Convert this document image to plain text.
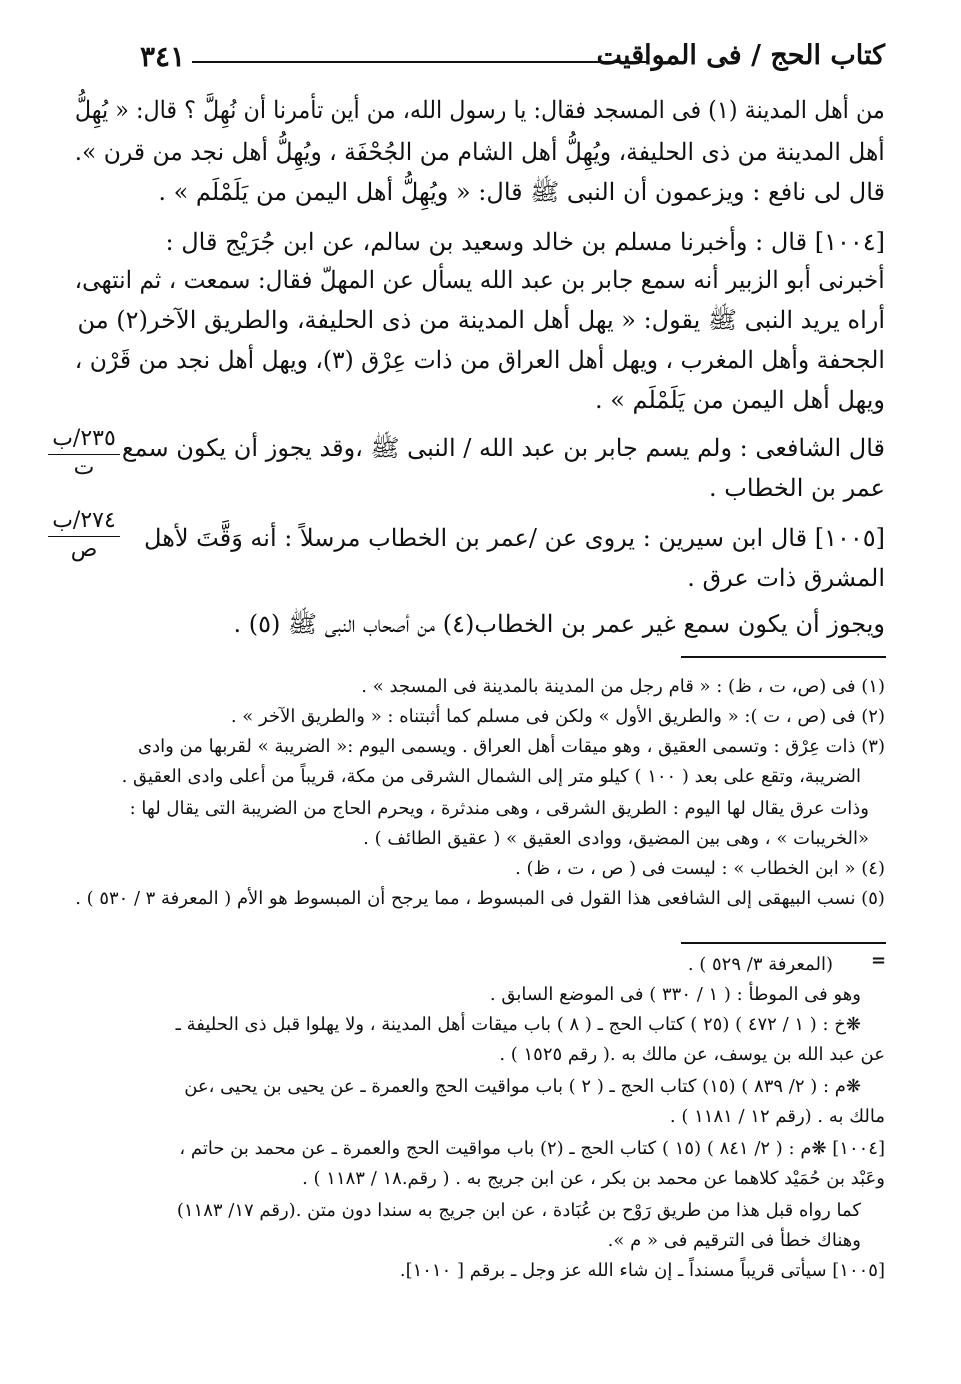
٣٤١	كتاب الحج / فى المواقيت
من أهل المدينة (١) فى المسجد فقال: يا رسول الله، من أين تأمرنا أن نُهِلَّ ؟ قال: « يُهِلُّ
أهل المدينة من ذى الحليفة، ويُهِلُّ أهل الشام من الجُحْفَة ، ويُهِلُّ أهل نجد من قرن ».
قال لى نافع : ويزعمون أن النبى ﷺ قال: « ويُهِلُّ أهل اليمن من يَلَمْلَم » .
[١٠٠٤] قال : وأخبرنا مسلم بن خالد وسعيد بن سالم، عن ابن جُرَيْج قال :
أخبرنى أبو الزبير أنه سمع جابر بن عبد الله يسأل عن المهلّ فقال: سمعت ، ثم انتهى،
أراه يريد النبى ﷺ يقول: « يهل أهل المدينة من ذى الحليفة، والطريق الآخر(٢) من
الجحفة وأهل المغرب ، ويهل أهل العراق من ذات عِرْق (٣)، ويهل أهل نجد من قَرْن ،
ويهل أهل اليمن من يَلَمْلَم » .
قال الشافعى : ولم يسم جابر بن عبد الله / النبى ﷺ ،وقد يجوز أن يكون سمع
عمر بن الخطاب .
[١٠٠٥] قال ابن سيرين : يروى عن /عمر بن الخطاب مرسلاً : أنه وَقَّتَ لأهل
المشرق ذات عرق .
ويجوز أن يكون سمع غير عمر بن الخطاب(٤) من أصحاب النبى ﷺ (٥) .
٢٣٥/ب
ت
٢٧٤/ب
ص
(١) فى (ص، ت ، ظ) : « قام رجل من المدينة بالمدينة فى المسجد » .
(٢) فى (ص ، ت ): « والطريق الأول » ولكن فى مسلم كما أثبتناه : « والطريق الآخر » .
(٣) ذات عِرْق : وتسمى العقيق ، وهو ميقات أهل العراق . ويسمى اليوم :« الضريبة » لقربها من وادى
الضريبة، وتقع على بعد ( ١٠٠ ) كيلو متر إلى الشمال الشرقى من مكة، قريباً من أعلى وادى العقيق .
وذات عرق يقال لها اليوم : الطريق الشرقى ، وهى مندثرة ، ويحرم الحاج من الضريبة التى يقال لها :
«الخريبات » ، وهى بين المضيق، ووادى العقيق » ( عقيق الطائف ) .
(٤) « ابن الخطاب » : ليست فى ( ص ، ت ، ظ) .
(٥) نسب البيهقى إلى الشافعى هذا القول فى المبسوط ، مما يرجح أن المبسوط هو الأم ( المعرفة ٣ / ٥٣٠ ) .
=
(المعرفة ٣/ ٥٢٩ ) .
وهو فى الموطأ : ( ١ / ٣٣٠ ) فى الموضع السابق .
❋خ : ( ١ / ٤٧٢ ) (٢٥ ) كتاب الحج ـ ( ٨ ) باب ميقات أهل المدينة ، ولا يهلوا قبل ذى الحليفة ـ
عن عبد الله بن يوسف، عن مالك به .( رقم ١٥٢٥ ) .
❋م : ( ٢/ ٨٣٩ ) (١٥) كتاب الحج ـ ( ٢ ) باب مواقيت الحج والعمرة ـ عن يحيى بن يحيى ،عن
مالك به . (رقم ١٢ / ١١٨١ ) .
[١٠٠٤] ❋م : ( ٢/ ٨٤١ ) (١٥ ) كتاب الحج ـ (٢) باب مواقيت الحج والعمرة ـ عن محمد بن حاتم ،
وعَبْد بن حُمَيْد كلاهما عن محمد بن بكر ، عن ابن جريج به . ( رقم.١٨ / ١١٨٣ ) .
كما رواه قبل هذا من طريق رَوْح بن عُبَادة ، عن ابن جريج به سندا دون متن .(رقم ١٧/ ١١٨٣)
وهناك خطأ فى الترقيم فى « م ».
[١٠٠٥] سيأتى قريباً مسنداً ـ إن شاء الله عز وجل ـ برقم [ ١٠١٠].
